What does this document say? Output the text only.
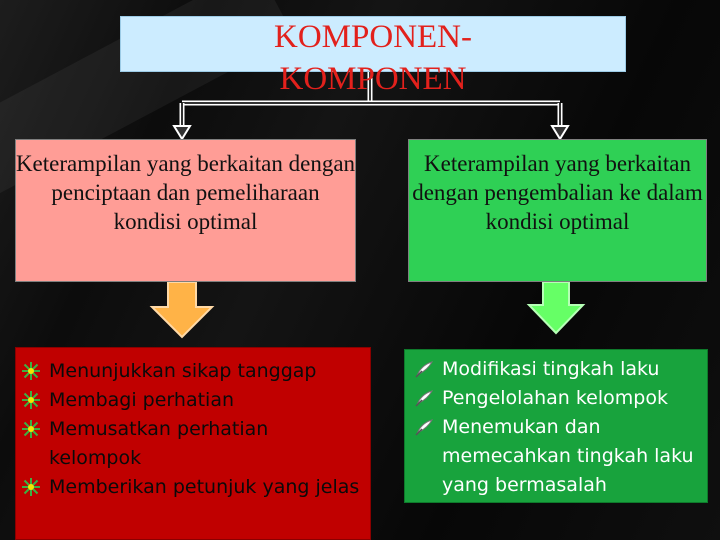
Keterampilan yang berkaitan dengan penciptaan dan pemeliharaan kondisi optimal

Keterampilan yang berkaitan dengan pengembalian ke dalam kondisi optimal

KOMPONEN-
KOMPONEN

Menunjukkan sikap tanggap
Membagi perhatian
Memusatkan perhatian kelompok
Memberikan petunjuk yang jelas
Modifikasi tingkah laku
Pengelolahan kelompok
Menemukan dan memecahkan tingkah laku yang bermasalah
